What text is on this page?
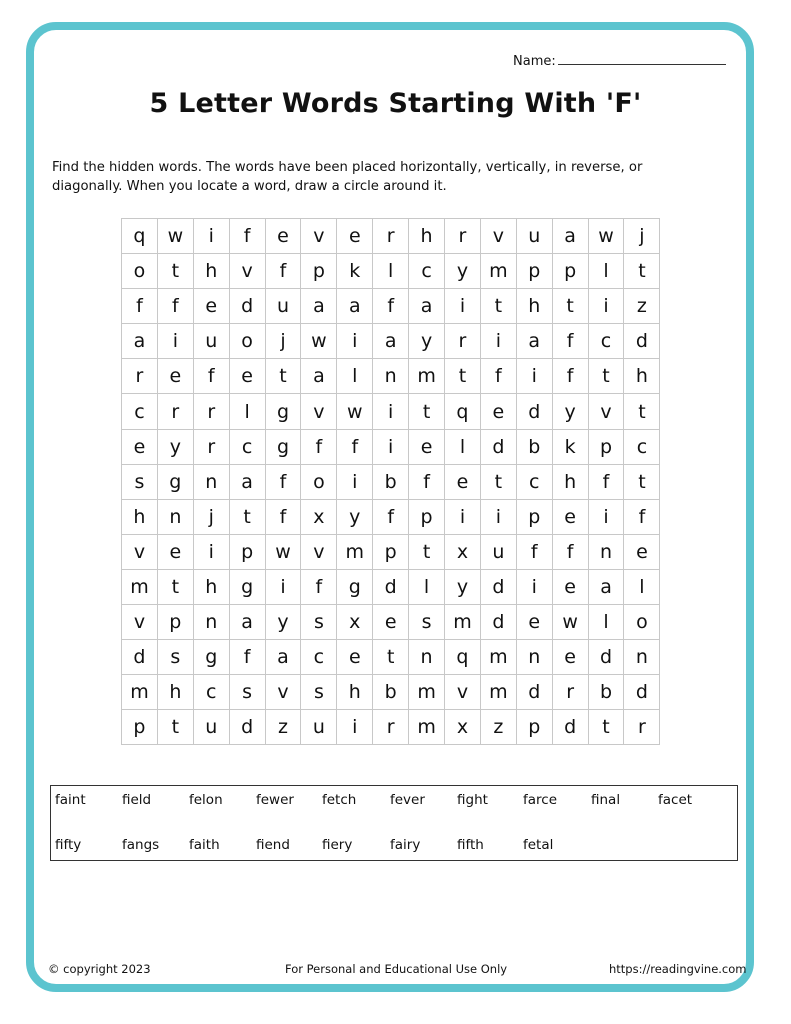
Name:
5 Letter Words Starting With 'F'
Find the hidden words. The words have been placed horizontally, vertically, in reverse, or diagonally. When you locate a word, draw a circle around it.
q	w	i	f	e	v	e	r	h	r	v	u	a	w	j
o	t	h	v	f	p	k	l	c	y	m	p	p	l	t
f	f	e	d	u	a	a	f	a	i	t	h	t	i	z
a	i	u	o	j	w	i	a	y	r	i	a	f	c	d
r	e	f	e	t	a	l	n	m	t	f	i	f	t	h
c	r	r	l	g	v	w	i	t	q	e	d	y	v	t
e	y	r	c	g	f	f	i	e	l	d	b	k	p	c
s	g	n	a	f	o	i	b	f	e	t	c	h	f	t
h	n	j	t	f	x	y	f	p	i	i	p	e	i	f
v	e	i	p	w	v	m	p	t	x	u	f	f	n	e
m	t	h	g	i	f	g	d	l	y	d	i	e	a	l
v	p	n	a	y	s	x	e	s	m	d	e	w	l	o
d	s	g	f	a	c	e	t	n	q	m	n	e	d	n
m	h	c	s	v	s	h	b	m	v	m	d	r	b	d
p	t	u	d	z	u	i	r	m	x	z	p	d	t	r
faint	field	felon fewer fetch fever fight	farce	final	facet
fifty	fangs faith	fiend fiery	fairy	fifth	fetal
© copyright 2023	For Personal and Educational Use Only	https://readingvine.com
